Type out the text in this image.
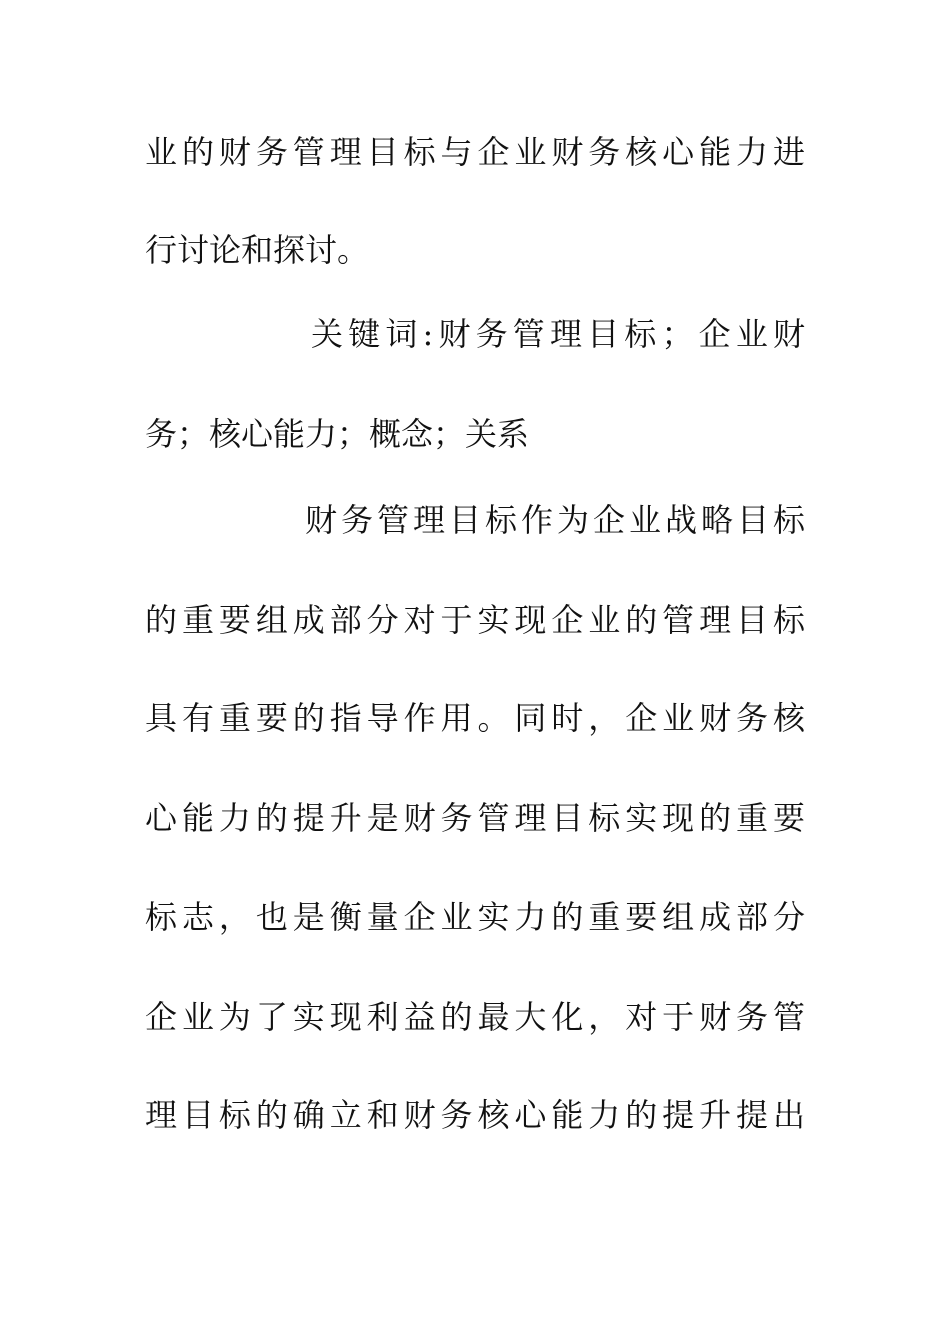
业的财务管理目标与企业财务核心能力进
行讨论和探讨。
关键词:财务管理目标；企业财
务；核心能力；概念；关系
财务管理目标作为企业战略目标
的重要组成部分对于实现企业的管理目标
具有重要的指导作用。同时，企业财务核
心能力的提升是财务管理目标实现的重要
标志，也是衡量企业实力的重要组成部分
企业为了实现利益的最大化，对于财务管
理目标的确立和财务核心能力的提升提出
